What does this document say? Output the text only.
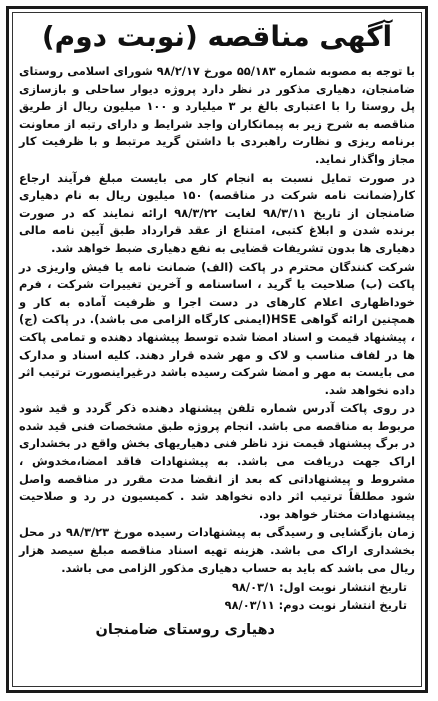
آگهی مناقصه (نوبت دوم)

با توجه به مصوبه شماره ۵۵/۱۸۳ مورخ ۹۸/۲/۱۷ شورای اسلامی روستای ضامنجان، دهیاری مذکور در نظر دارد پروژه دیوار ساحلی و بازسازی پل روستا را با اعتباری بالغ بر ۳ میلیارد و ۱۰۰ میلیون ریال از طریق مناقصه به شرح زیر به پیمانکاران واجد شرایط و دارای رتبه از معاونت برنامه ریزی و نظارت راهبردی با داشتن گرید مرتبط و با ظرفیت کار مجاز واگذار نماید.

در صورت تمایل نسبت به انجام کار می بایست مبلغ فرآیند ارجاع کار(ضمانت نامه شرکت در مناقصه) ۱۵۰ میلیون ریال به نام دهیاری ضامنجان از تاریخ ۹۸/۳/۱۱ لغایت ۹۸/۳/۲۲ ارائه نمایند که در صورت برنده شدن و ابلاغ کتبی، امتناع از عقد قرارداد طبق آیین نامه مالی دهیاری ها بدون تشریفات قضایی به نفع دهیاری ضبط خواهد شد.

شرکت کنندگان محترم در پاکت (الف) ضمانت نامه یا فیش واریزی در پاکت (ب) صلاحیت یا گرید ، اساسنامه و آخرین تغییرات شرکت ، فرم خوداظهاری اعلام کارهای در دست اجرا و ظرفیت آماده به کار و همچنین ارائه گواهی HSE(ایمنی کارگاه الزامی می باشد). در پاکت (ج) ، پیشنهاد قیمت و اسناد امضا شده توسط پیشنهاد دهنده و تمامی پاکت ها در لفاف مناسب و لاک و مهر شده قرار دهند. کلیه اسناد و مدارک می بایست به مهر و امضا شرکت رسیده باشد درغیراینصورت ترتیب اثر داده نخواهد شد.

در روی پاکت آدرس شماره تلفن پیشنهاد دهنده ذکر گردد و قید شود مربوط به مناقصه می باشد. انجام پروژه طبق مشخصات فنی قید شده در برگ پیشنهاد قیمت نزد ناظر فنی دهیاریهای بخش واقع در بخشداری اراک جهت دریافت می باشد. به پیشنهادات فاقد امضا،مخدوش ، مشروط و پیشنهاداتی که بعد از انقضا مدت مقرر در مناقصه واصل شود مطلقاً ترتیب اثر داده نخواهد شد . کمیسیون در رد و صلاحیت پیشنهادات مختار خواهد بود.

زمان بازگشایی و رسیدگی به پیشنهادات رسیده مورخ ۹۸/۳/۲۳ در محل بخشداری اراک می باشد. هزینه تهیه اسناد مناقصه مبلغ سیصد هزار ریال می باشد که باید به حساب دهیاری مذکور الزامی می باشد.

تاریخ انتشار نوبت اول: ۹۸/۰۳/۱
تاریخ انتشار نوبت دوم: ۹۸/۰۳/۱۱
دهیاری روستای ضامنجان
